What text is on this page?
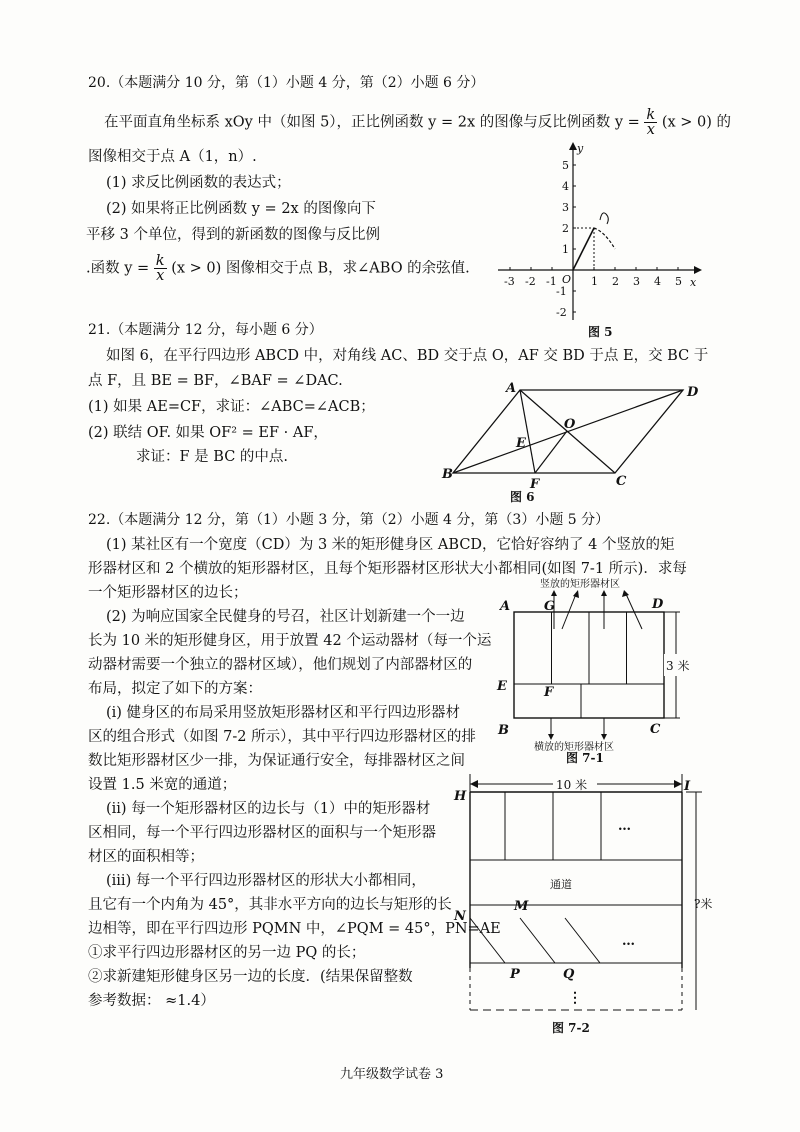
20.（本题满分 10 分，第（1）小题 4 分，第（2）小题 6 分）
在平面直角坐标系 xOy 中（如图 5），正比例函数 y = 2x 的图像与反比例函数 $y = \frac{k}{x} (x > 0)$ 的
图像相交于点 A（1，n）.
(1) 求反比例函数的表达式；
(2) 如果将正比例函数 y = 2x 的图像向下
平移 3 个单位，得到的新函数的图像与反比例
.函数 $y = \frac{k}{x} (x > 0)$ 图像相交于点 B，求∠ABO 的余弦值.
-3 -2 -1	1 2 3 4 5
5
4
3
2
1
-1
-2
O	x
y
图 5
21.（本题满分 12 分，每小题 6 分）
如图 6，在平行四边形 ABCD 中，对角线 AC、BD 交于点 O，AF 交 BD 于点 E，交 BC 于
点 F，且 BE = BF，∠BAF = ∠DAC.
(1) 如果 AE=CF，求证：∠ABC=∠ACB；
(2) 联结 OF. 如果 OF² = EF · AF，
求证：F 是 BC 的中点.
A	D
B	C
E
F
O
图 6
22.（本题满分 12 分，第（1）小题 3 分，第（2）小题 4 分，第（3）小题 5 分）
(1) 某社区有一个宽度（CD）为 3 米的矩形健身区 ABCD，它恰好容纳了 4 个竖放的矩
形器材区和 2 个横放的矩形器材区，且每个矩形器材区形状大小都相同(如图 7-1 所示)．求每
一个矩形器材区的边长；
(2) 为响应国家全民健身的号召，社区计划新建一个一边
长为 10 米的矩形健身区，用于放置 42 个运动器材（每一个运
动器材需要一个独立的器材区域），他们规划了内部器材区的
布局，拟定了如下的方案：
(i) 健身区的布局采用竖放矩形器材区和平行四边形器材
区的组合形式（如图 7-2 所示），其中平行四边形器材区的排
数比矩形器材区少一排，为保证通行安全，每排器材区之间
设置 1.5 米宽的通道；
(ii) 每一个矩形器材区的边长与（1）中的矩形器材
区相同，每一个平行四边形器材区的面积与一个矩形器
材区的面积相等；
(iii) 每一个平行四边形器材区的形状大小都相同，
且它有一个内角为 45°，其非水平方向的边长与矩形的长
边相等，即在平行四边形 PQMN 中，∠PQM = 45°，PN=AE
①求平行四边形器材区的另一边 PQ 的长；
②求新建矩形健身区另一边的长度．(结果保留整数
参考数据： ≈1.4）
竖放的矩形器材区
3 米
横放的矩形器材区
A	G	D
E	F
B	C
图 7-1
10 米
…
通道
…
⋮
?米
H
I
N
M
P	Q
图 7-2
九年级数学试卷 3
